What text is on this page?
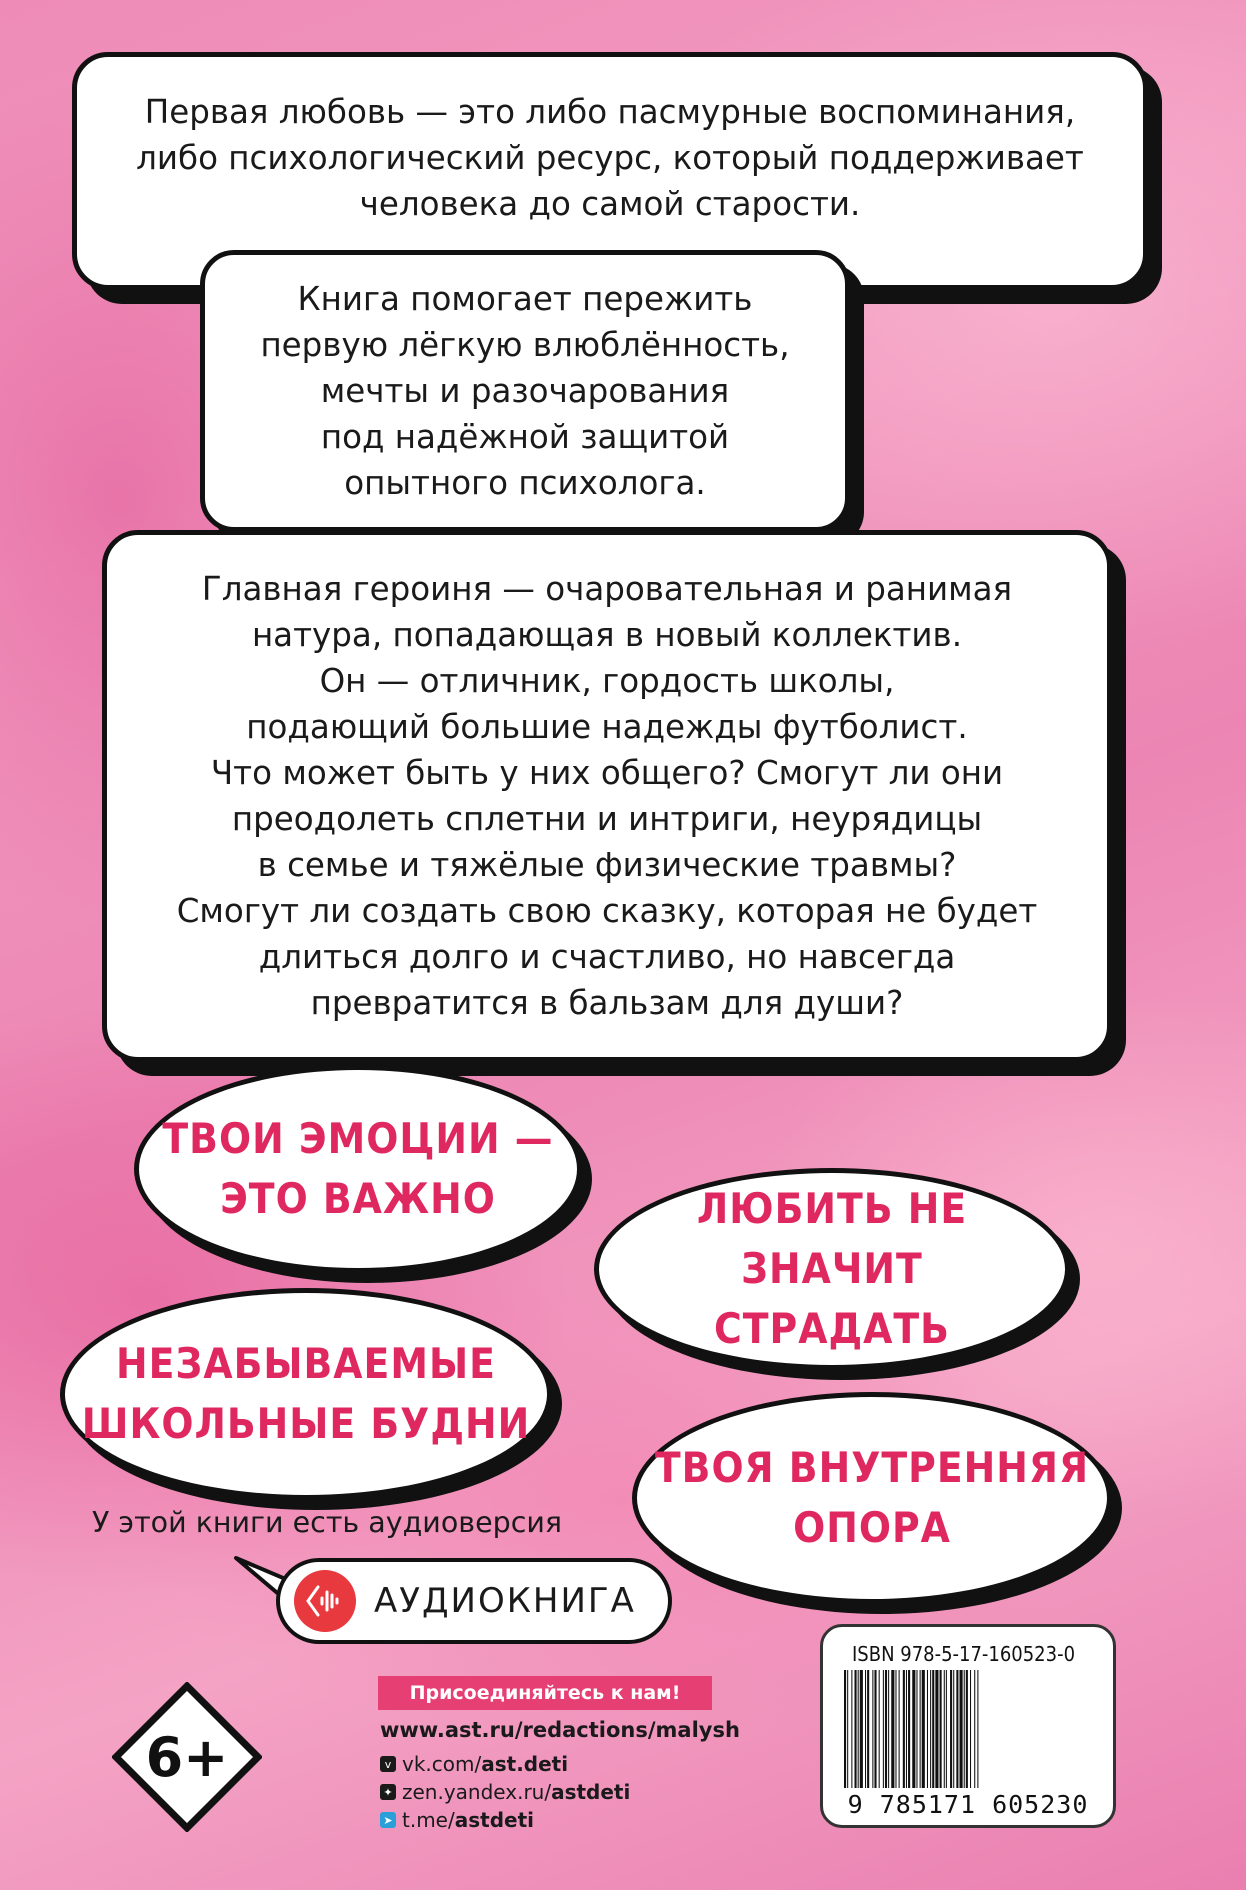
Первая любовь — это либо пасмурные воспоминания,
либо психологический ресурс, который поддерживает
человека до самой старости.

Книга помогает пережить
первую лёгкую влюблённость,
мечты и разочарования
под надёжной защитой
опытного психолога.

Главная героиня — очаровательная и ранимая
натура, попадающая в новый коллектив.
Он — отличник, гордость школы,
подающий большие надежды футболист.
Что может быть у них общего? Смогут ли они
преодолеть сплетни и интриги, неурядицы
в семье и тяжёлые физические травмы?
Смогут ли создать свою сказку, которая не будет
длиться долго и счастливо, но навсегда
превратится в бальзам для души?

ТВОИ ЭМОЦИИ —
ЭТО ВАЖНО	ЛЮБИТЬ НЕ ЗНАЧИТ
СТРАДАТЬ
НЕЗАБЫВАЕМЫЕ
ШКОЛЬНЫЕ БУДНИ
ТВОЯ ВНУТРЕННЯЯ
ОПОРА
У этой книги есть аудиоверсия
АУДИОКНИГА
6+
Присоединяйтесь к нам!
www.ast.ru/redactions/malysh
v vk.com/ ast.deti
✦ zen.yandex.ru/ astdeti
➤ t.me/ astdeti
ISBN 978-5-17-160523-0
9 785171 605230
